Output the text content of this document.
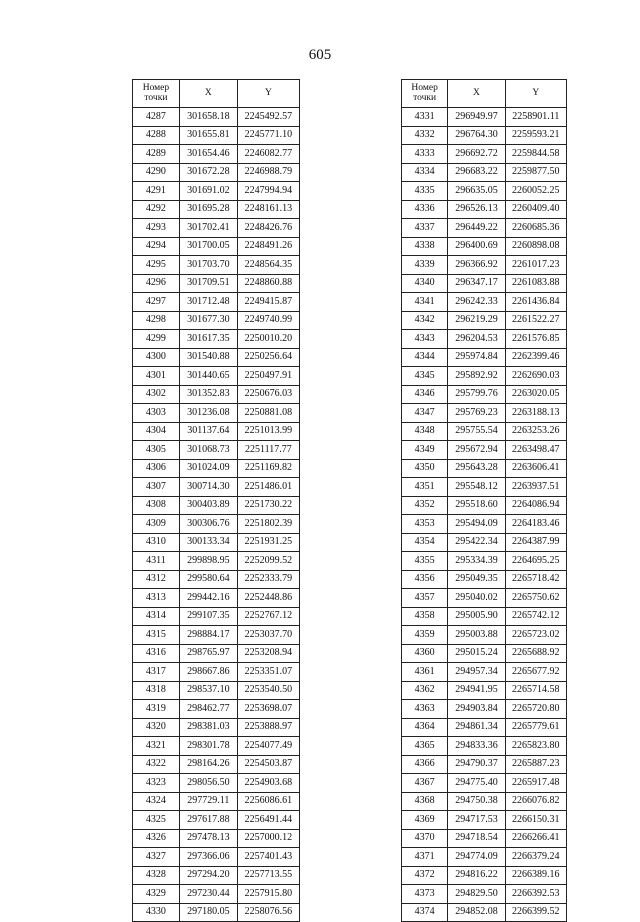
605
Номер точки	X	Y
4287	301658.18	2245492.57
4288	301655.81	2245771.10
4289	301654.46	2246082.77
4290	301672.28	2246988.79
4291	301691.02	2247994.94
4292	301695.28	2248161.13
4293	301702.41	2248426.76
4294	301700.05	2248491.26
4295	301703.70	2248564.35
4296	301709.51	2248860.88
4297	301712.48	2249415.87
4298	301677.30	2249740.99
4299	301617.35	2250010.20
4300	301540.88	2250256.64
4301	301440.65	2250497.91
4302	301352.83	2250676.03
4303	301236.08	2250881.08
4304	301137.64	2251013.99
4305	301068.73	2251117.77
4306	301024.09	2251169.82
4307	300714.30	2251486.01
4308	300403.89	2251730.22
4309	300306.76	2251802.39
4310	300133.34	2251931.25
4311	299898.95	2252099.52
4312	299580.64	2252333.79
4313	299442.16	2252448.86
4314	299107.35	2252767.12
4315	298884.17	2253037.70
4316	298765.97	2253208.94
4317	298667.86	2253351.07
4318	298537.10	2253540.50
4319	298462.77	2253698.07
4320	298381.03	2253888.97
4321	298301.78	2254077.49
4322	298164.26	2254503.87
4323	298056.50	2254903.68
4324	297729.11	2256086.61
4325	297617.88	2256491.44
4326	297478.13	2257000.12
4327	297366.06	2257401.43
4328	297294.20	2257713.55
4329	297230.44	2257915.80
4330	297180.05	2258076.56
Номер точки	X	Y
4331	296949.97	2258901.11
4332	296764.30	2259593.21
4333	296692.72	2259844.58
4334	296683.22	2259877.50
4335	296635.05	2260052.25
4336	296526.13	2260409.40
4337	296449.22	2260685.36
4338	296400.69	2260898.08
4339	296366.92	2261017.23
4340	296347.17	2261083.88
4341	296242.33	2261436.84
4342	296219.29	2261522.27
4343	296204.53	2261576.85
4344	295974.84	2262399.46
4345	295892.92	2262690.03
4346	295799.76	2263020.05
4347	295769.23	2263188.13
4348	295755.54	2263253.26
4349	295672.94	2263498.47
4350	295643.28	2263606.41
4351	295548.12	2263937.51
4352	295518.60	2264086.94
4353	295494.09	2264183.46
4354	295422.34	2264387.99
4355	295334.39	2264695.25
4356	295049.35	2265718.42
4357	295040.02	2265750.62
4358	295005.90	2265742.12
4359	295003.88	2265723.02
4360	295015.24	2265688.92
4361	294957.34	2265677.92
4362	294941.95	2265714.58
4363	294903.84	2265720.80
4364	294861.34	2265779.61
4365	294833.36	2265823.80
4366	294790.37	2265887.23
4367	294775.40	2265917.48
4368	294750.38	2266076.82
4369	294717.53	2266150.31
4370	294718.54	2266266.41
4371	294774.09	2266379.24
4372	294816.22	2266389.16
4373	294829.50	2266392.53
4374	294852.08	2266399.52
